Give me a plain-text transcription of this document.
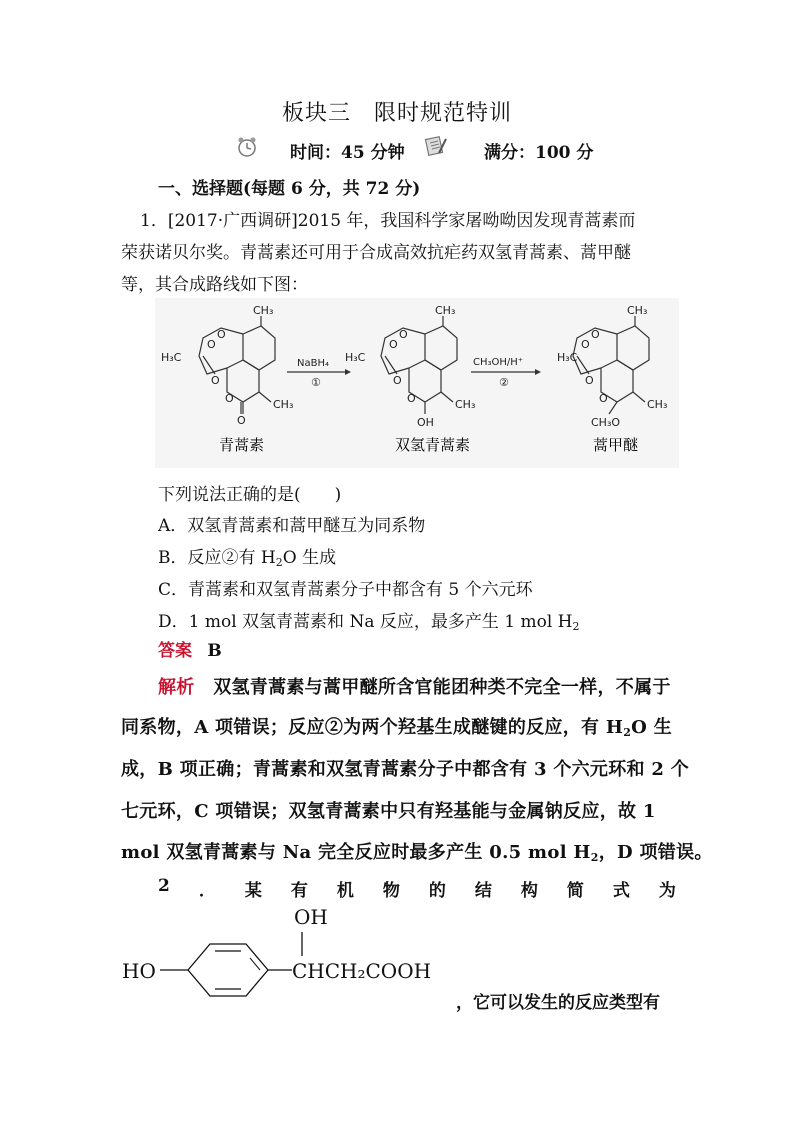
板块三　限时规范特训
时间：45 分钟	满分：100 分
一、选择题(每题 6 分，共 72 分)
1．[2017·广西调研]2015 年，我国科学家屠呦呦因发现青蒿素而
荣获诺贝尔奖。青蒿素还可用于合成高效抗疟药双氢青蒿素、蒿甲醚
等，其合成路线如下图：
CH₃
H₃C
O
O
O
O	CH₃
O
青蒿素
NaBH₄
①
CH₃
H₃C
O
O
O
O	CH₃
OH
双氢青蒿素
CH₃OH/H⁺
②
CH₃
H₃C
O
O
O
O	CH₃
CH₃O
蒿甲醚
下列说法正确的是(　　)
A．双氢青蒿素和蒿甲醚互为同系物
B．反应②有 $H_2O$ 生成
C．青蒿素和双氢青蒿素分子中都含有 5 个六元环
D．1 mol 双氢青蒿素和 Na 反应，最多产生 1 mol $H_2$
答案 B
解析 双氢青蒿素与蒿甲醚所含官能团种类不完全一样，不属于
同系物，A 项错误；反应②为两个羟基生成醚键的反应，有 $H_2O$ 生
成，B 项正确；青蒿素和双氢青蒿素分子中都含有 3 个六元环和 2 个
七元环，C 项错误；双氢青蒿素中只有羟基能与金属钠反应，故 1
mol 双氢青蒿素与 Na 完全反应时最多产生 0.5 mol $H_2$，D 项错误。
2 ． 某 有 机 物 的 结 构 简 式 为
HO
OH
CHCH₂COOH
，它可以发生的反应类型有
